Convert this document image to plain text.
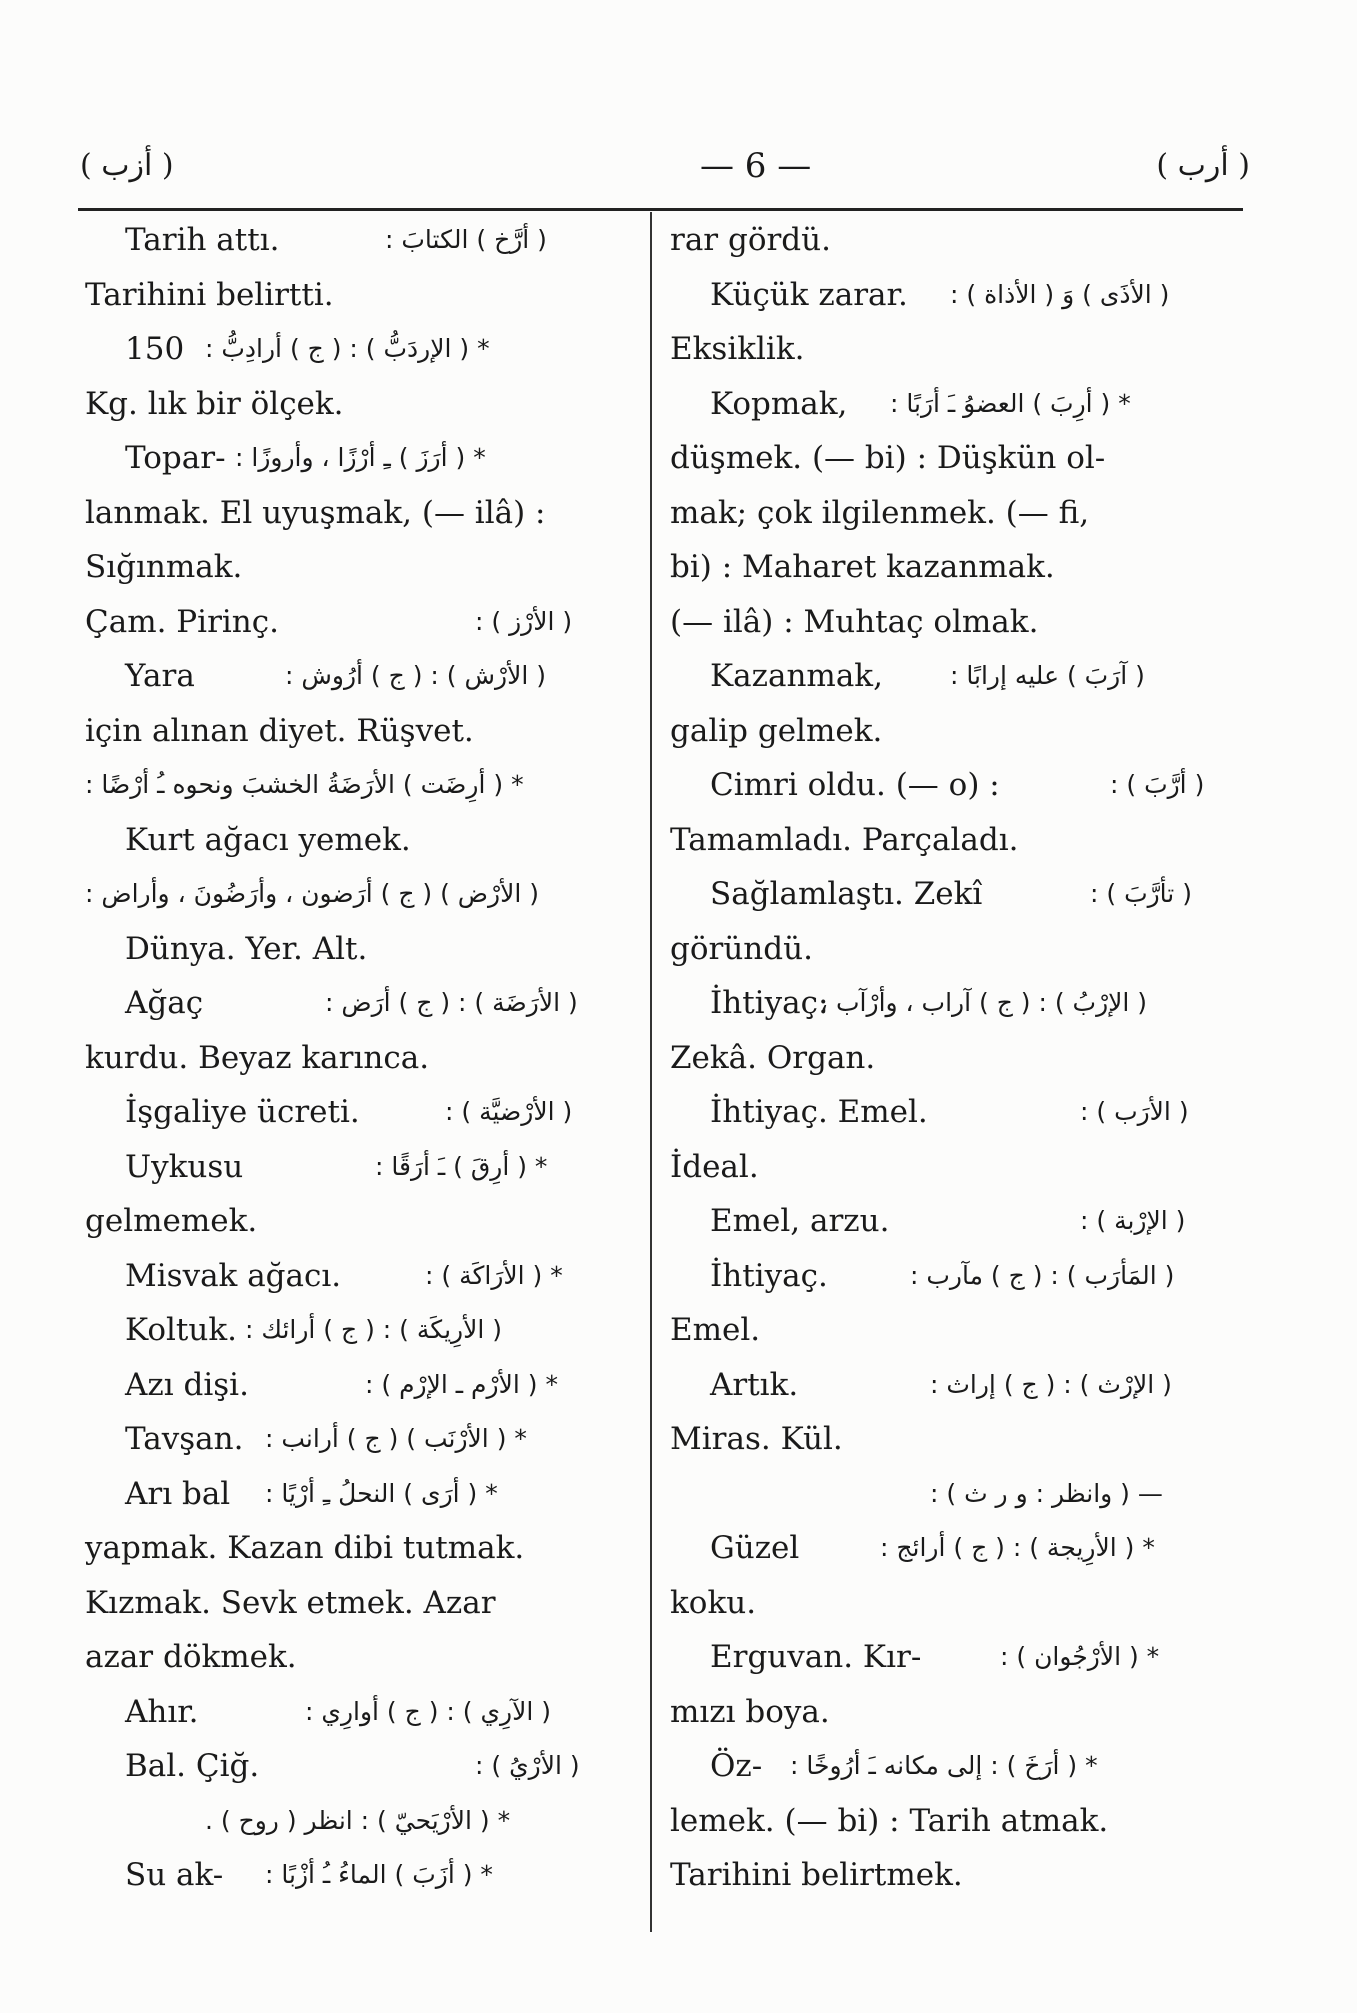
( أزب )	— 6 —	( أرب )
Tarih attı.	( أرَّخ ) الكتابَ :
Tarihini belirtti.
150 * ( الإردَبُّ ) : ( ج ) أرادِبُّ :
Kg. lık bir ölçek.
Topar- * ( أرَزَ ) ـِ أرْزًا ، وأروزًا :
lanmak. El uyuşmak, (— ilâ) :
Sığınmak.
Çam. Pirinç.	( الأرْز ) :
Yara	( الأرْش ) : ( ج ) أرُوش :
için alınan diyet. Rüşvet.
* ( أرِضَت ) الأرَضَةُ الخشبَ ونحوه ـُ أرْضًا :
Kurt ağacı yemek.
( الأرْض ) ( ج ) أرَضون ، وأرَضُونَ ، وأراض :
Dünya. Yer. Alt.
Ağaç	( الأرَضَة ) : ( ج ) أرَض :
kurdu. Beyaz karınca.
İşgaliye ücreti.	( الأرْضيَّة ) :
Uykusu	* ( أرِقَ ) ـَ أرَقًا :
gelmemek.
Misvak ağacı.	* ( الأرَاكَة ) :
Koltuk. ( الأرِيكَة ) : ( ج ) أرائك :
Azı dişi.	* ( الأرْم ـ الإرْم ) :
Tavşan. * ( الأرْنَب ) ( ج ) أرانب :
Arı bal * ( أرَى ) النحلُ ـِ أرْيًا :
yapmak. Kazan dibi tutmak.
Kızmak. Sevk etmek. Azar
azar dökmek.
Ahır.	( الآرِي ) : ( ج ) أوارِي :
Bal. Çiğ.	( الأرْيُ ) :
* ( الأرْيَحيّ ) : انظر ( روح ) .
Su ak- * ( أزَبَ ) الماءُ ـُ أزْبًا :
rar gördü.
Küçük zarar. ( الأذَى ) وَ ( الأذاة ) :
Eksiklik.
Kopmak, * ( أرِبَ ) العضوُ ـَ أرَبًا :
düşmek. (— bi) : Düşkün ol-
mak; çok ilgilenmek. (— fi,
bi) : Maharet kazanmak.
(— ilâ) : Muhtaç olmak.
Kazanmak,	( آرَبَ ) عليه إرابًا :
galip gelmek.
Cimri oldu. (— o) :	( أرَّبَ ) :
Tamamladı. Parçaladı.
Sağlamlaştı. Zekî	( تأرَّبَ ) :
göründü.
İhtiyaç:
( الإرْبُ ) : ( ج ) آراب ، وأرْآب ،
Zekâ. Organ.
İhtiyaç. Emel.	( الأرَب ) :
İdeal.
Emel, arzu.	( الإرْبة ) :
İhtiyaç.	( المَأرَب ) : ( ج ) مآرب :
Emel.
Artık.	( الإرْث ) : ( ج ) إراث :
Miras. Kül.
— ( وانظر : و ر ث ) :
Güzel	* ( الأرِيجة ) : ( ج ) أرائج :
koku.
Erguvan. Kır-	* ( الأرْجُوان ) :
mızı boya.
Öz- * ( أرَخَ ) : إلى مكانه ـَ أرُوخًا :
lemek. (— bi) : Tarih atmak.
Tarihini belirtmek.
